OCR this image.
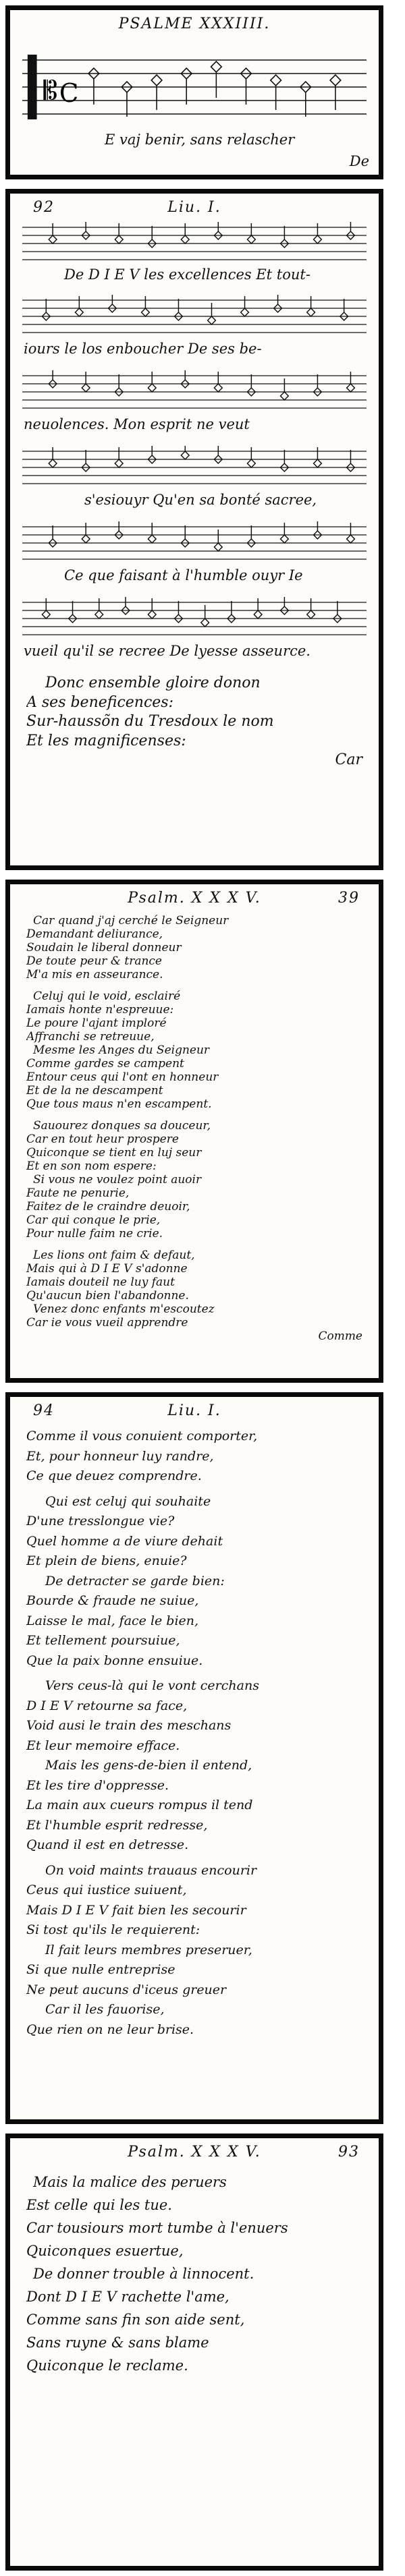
PSALME XXXIIII.
𝄡 C
E vaj benir, sans relascher
De
92	Liu. I.
De D I E V les excellences Et tout-
iours le los enboucher De ses be-
neuolences. Mon esprit ne veut
s'esiouyr Qu'en sa bonté sacree,
Ce que faisant à l'humble ouyr Ie
vueil qu'il se recree De lyesse asseurce.
Donc ensemble gloire donon
A ses beneficences:
Sur-haussõn du Tresdoux le nom
Et les magnificenses:
Car
Psalm. X X X V.	39
Car quand j'aj cerché le Seigneur
Demandant deliurance,
Soudain le liberal donneur
De toute peur & trance
M'a mis en asseurance.
Celuj qui le void, esclairé
Iamais honte n'espreuue:
Le poure l'ajant imploré
Affranchi se retreuue,
Mesme les Anges du Seigneur
Comme gardes se campent
Entour ceus qui l'ont en honneur
Et de la ne descampent
Que tous maus n'en escampent.
Sauourez donques sa douceur,
Car en tout heur prospere
Quiconque se tient en luj seur
Et en son nom espere:
Si vous ne voulez point auoir
Faute ne penurie,
Faitez de le craindre deuoir,
Car qui conque le prie,
Pour nulle faim ne crie.
Les lions ont faim & defaut,
Mais qui à D I E V s'adonne
Iamais douteil ne luy faut
Qu'aucun bien l'abandonne.
Venez donc enfants m'escoutez
Car ie vous vueil apprendre
Comme
94	Liu. I.
Comme il vous conuient comporter,
Et, pour honneur luy randre,
Ce que deuez comprendre.
Qui est celuj qui souhaite
D'une tresslongue vie?
Quel homme a de viure dehait
Et plein de biens, enuie?
De detracter se garde bien:
Bourde & fraude ne suiue,
Laisse le mal, face le bien,
Et tellement poursuiue,
Que la paix bonne ensuiue.
Vers ceus-là qui le vont cerchans
D I E V retourne sa face,
Void ausi le train des meschans
Et leur memoire efface.
Mais les gens-de-bien il entend,
Et les tire d'oppresse.
La main aux cueurs rompus il tend
Et l'humble esprit redresse,
Quand il est en detresse.
On void maints trauaus encourir
Ceus qui iustice suiuent,
Mais D I E V fait bien les secourir
Si tost qu'ils le requierent:
Il fait leurs membres preseruer,
Si que nulle entreprise
Ne peut aucuns d'iceus greuer
Car il les fauorise,
Que rien on ne leur brise.
Psalm. X X X V.	93
Mais la malice des peruers
Est celle qui les tue.
Car tousiours mort tumbe à l'enuers
Quiconques esuertue,
De donner trouble à linnocent.
Dont D I E V rachette l'ame,
Comme sans fin son aide sent,
Sans ruyne & sans blame
Quiconque le reclame.
